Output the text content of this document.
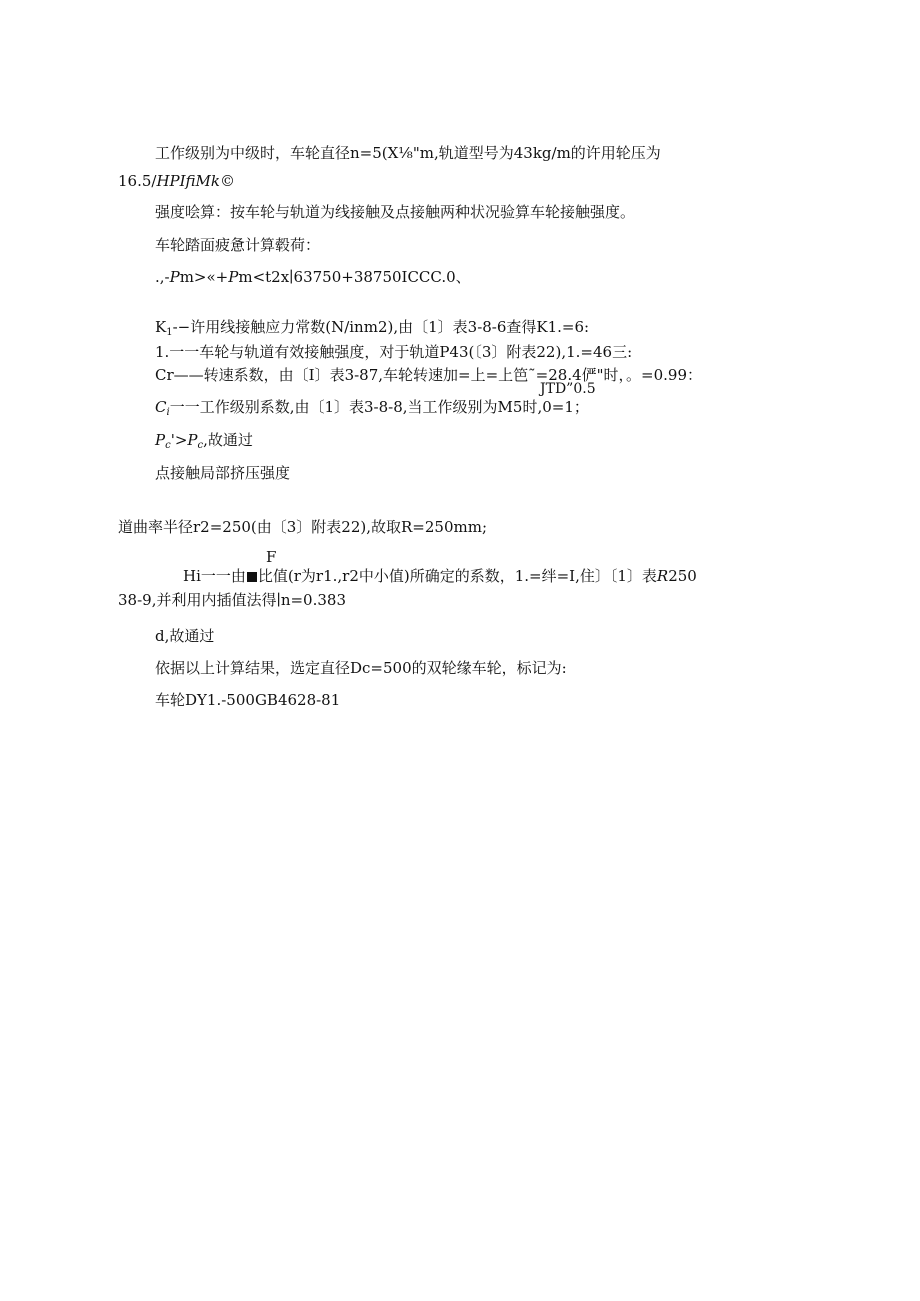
工作级别为中级时，车轮直径n=5(X⅛"m,轨道型号为43kg∕m的许用轮压为
16.5/HPIfiMk©
强度哙算：按车轮与轨道为线接触及点接触两种状况验算车轮接触强度。
车轮踏面疲惫计算毂荷：
.,-Pm>«+Pm<t2x∣63750+38750ICCC.0、
$K_1--$许用线接触应力常数(N∕inm2),由〔1〕表3-8-6查得K1.=6:
1.一一车轮与轨道有效接触强度，对于轨道P43(〔3〕附表22),1.=46三:
Cr——转速系数，由〔I〕表3-87,车轮转速加=上=上笆˜=28.4俨"时，。=0.99：
JTD”0.5
$C_i$一一工作级别系数,由〔1〕表3-8-8,当工作级别为M5时,0=1；
$P_c'>P_c$,故通过
点接触局部挤压强度
道曲率半径r2=250(由〔3〕附表22),故取R=250mm;
F
Hi一一由 比值(r为r1.,r2中小值)所确定的系数，1.=绊=I,住〕〔1〕表R250
38-9,并利用内插值法得∣n=0.383
d,故通过
依据以上计算结果，选定直径Dc=500的双轮缘车轮，标记为:
车轮DY1.-500GB4628-81
